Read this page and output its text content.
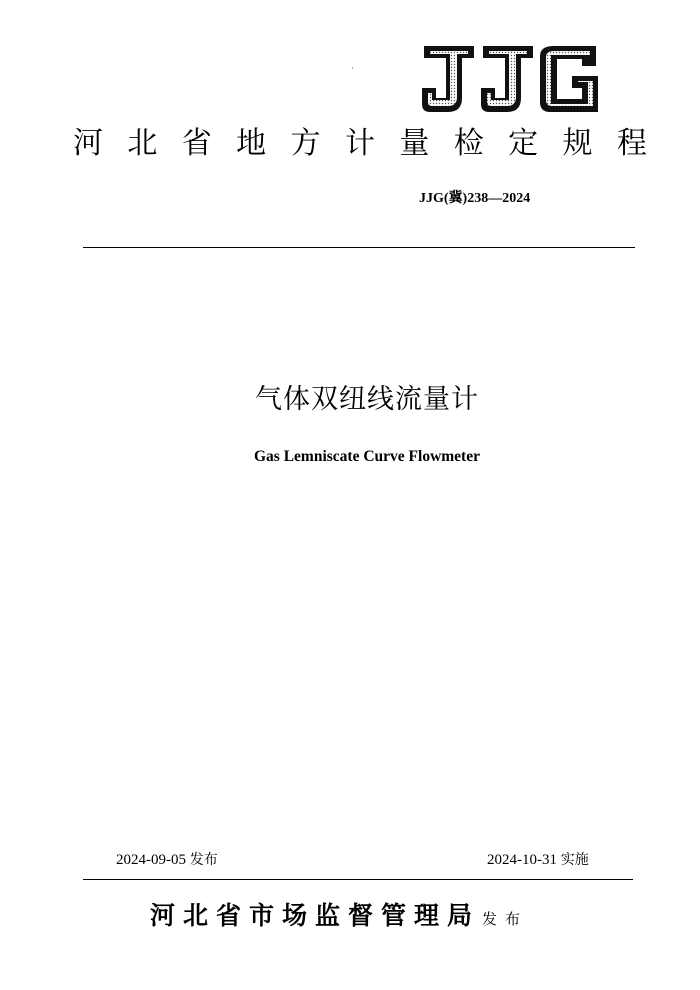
`
河 北 省 地 方 计 量 检 定 规 程
JJG(冀)238—2024
气体双纽线流量计
Gas Lemniscate Curve Flowmeter
2024-09-05 发布	2024-10-31 实施
河北省市场监督管理局 发布
